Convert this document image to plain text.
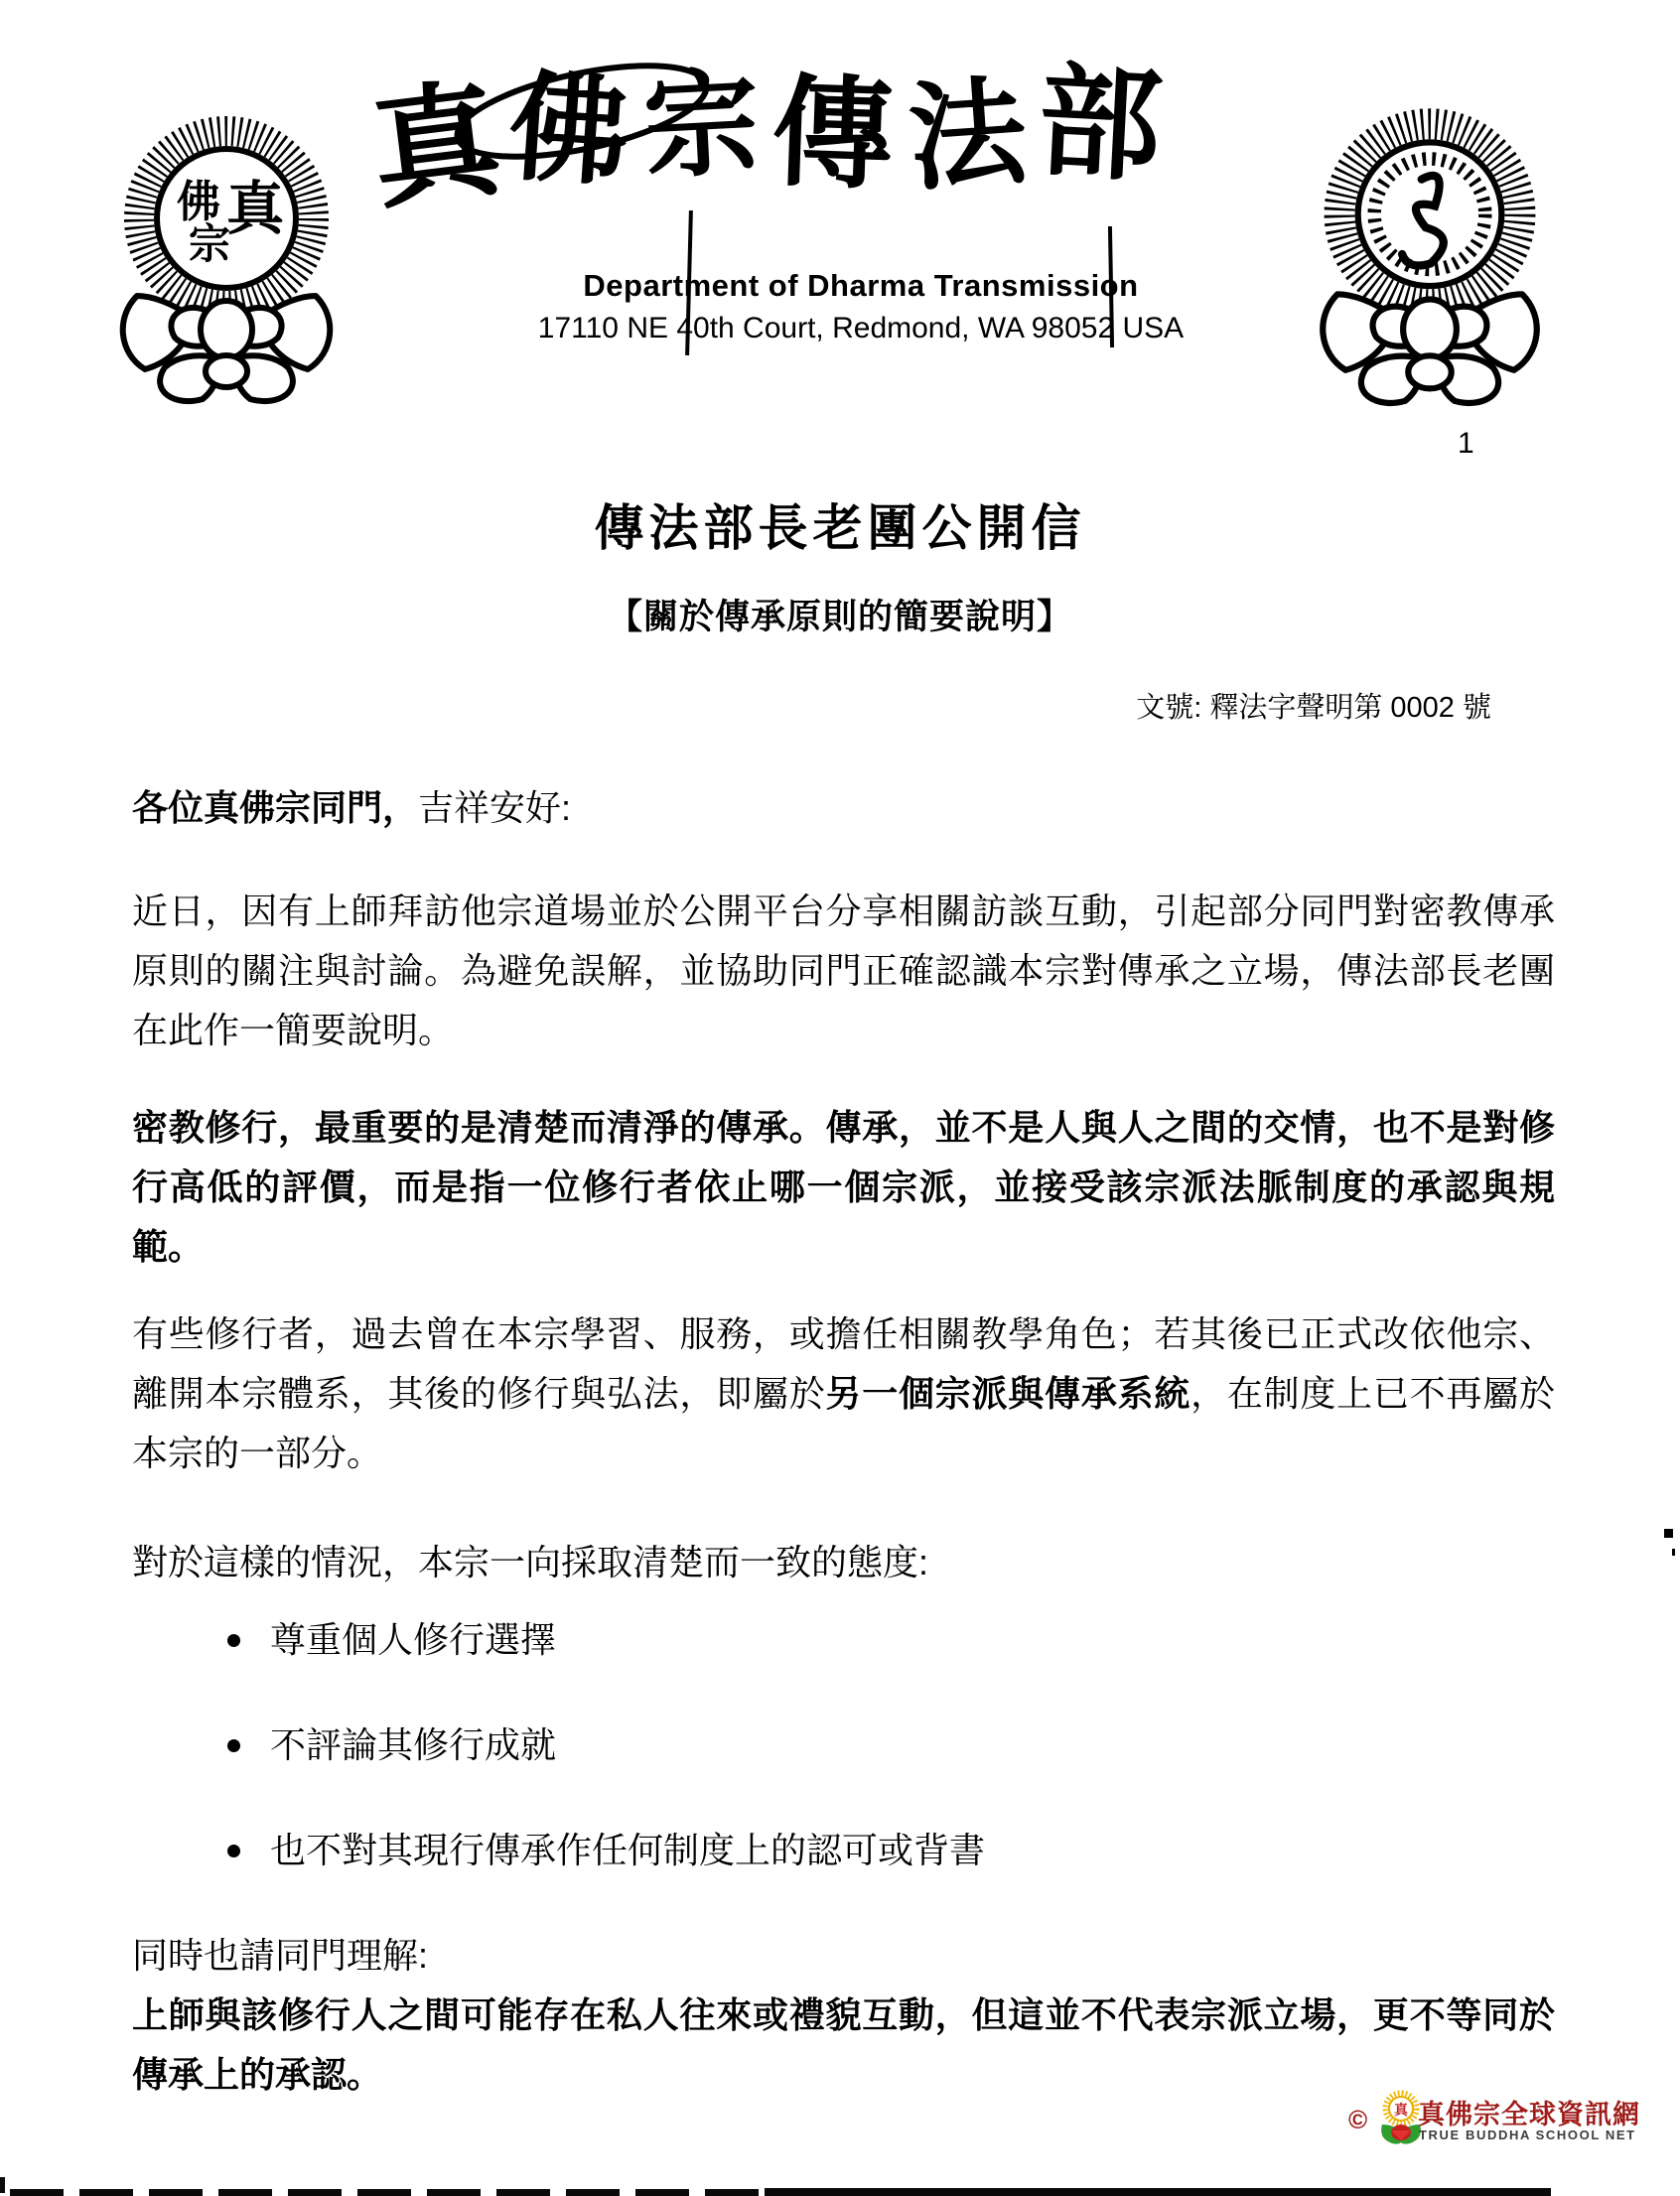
佛 真
宗
真
佛 宗 傳 法 部
Department of Dharma Transmission
17110 NE 40th Court, Redmond, WA 98052 USA
1
傳法部長老團公開信
【關於傳承原則的簡要說明】
文號: 釋法字聲明第 0002 號

各位真佛宗同門，吉祥安好:

近日，因有上師拜訪他宗道場並於公開平台分享相關訪談互動，引起部分同門對密教傳承原則的關注與討論。為避免誤解，並協助同門正確認識本宗對傳承之立場，傳法部長老團在此作一簡要說明。

密教修行，最重要的是清楚而清淨的傳承。傳承，並不是人與人之間的交情，也不是對修行高低的評價，而是指一位修行者依止哪一個宗派，並接受該宗派法脈制度的承認與規範。

有些修行者，過去曾在本宗學習、服務，或擔任相關教學角色；若其後已正式改依他宗、離開本宗體系，其後的修行與弘法，即屬於另一個宗派與傳承系統，在制度上已不再屬於本宗的一部分。

對於這樣的情況，本宗一向採取清楚而一致的態度:

尊重個人修行選擇
不評論其修行成就
也不對其現行傳承作任何制度上的認可或背書

同時也請同門理解:

上師與該修行人之間可能存在私人往來或禮貌互動，但這並不代表宗派立場，更不等同於傳承上的承認。

© 真 真佛宗全球資訊網
TRUE BUDDHA SCHOOL NET
